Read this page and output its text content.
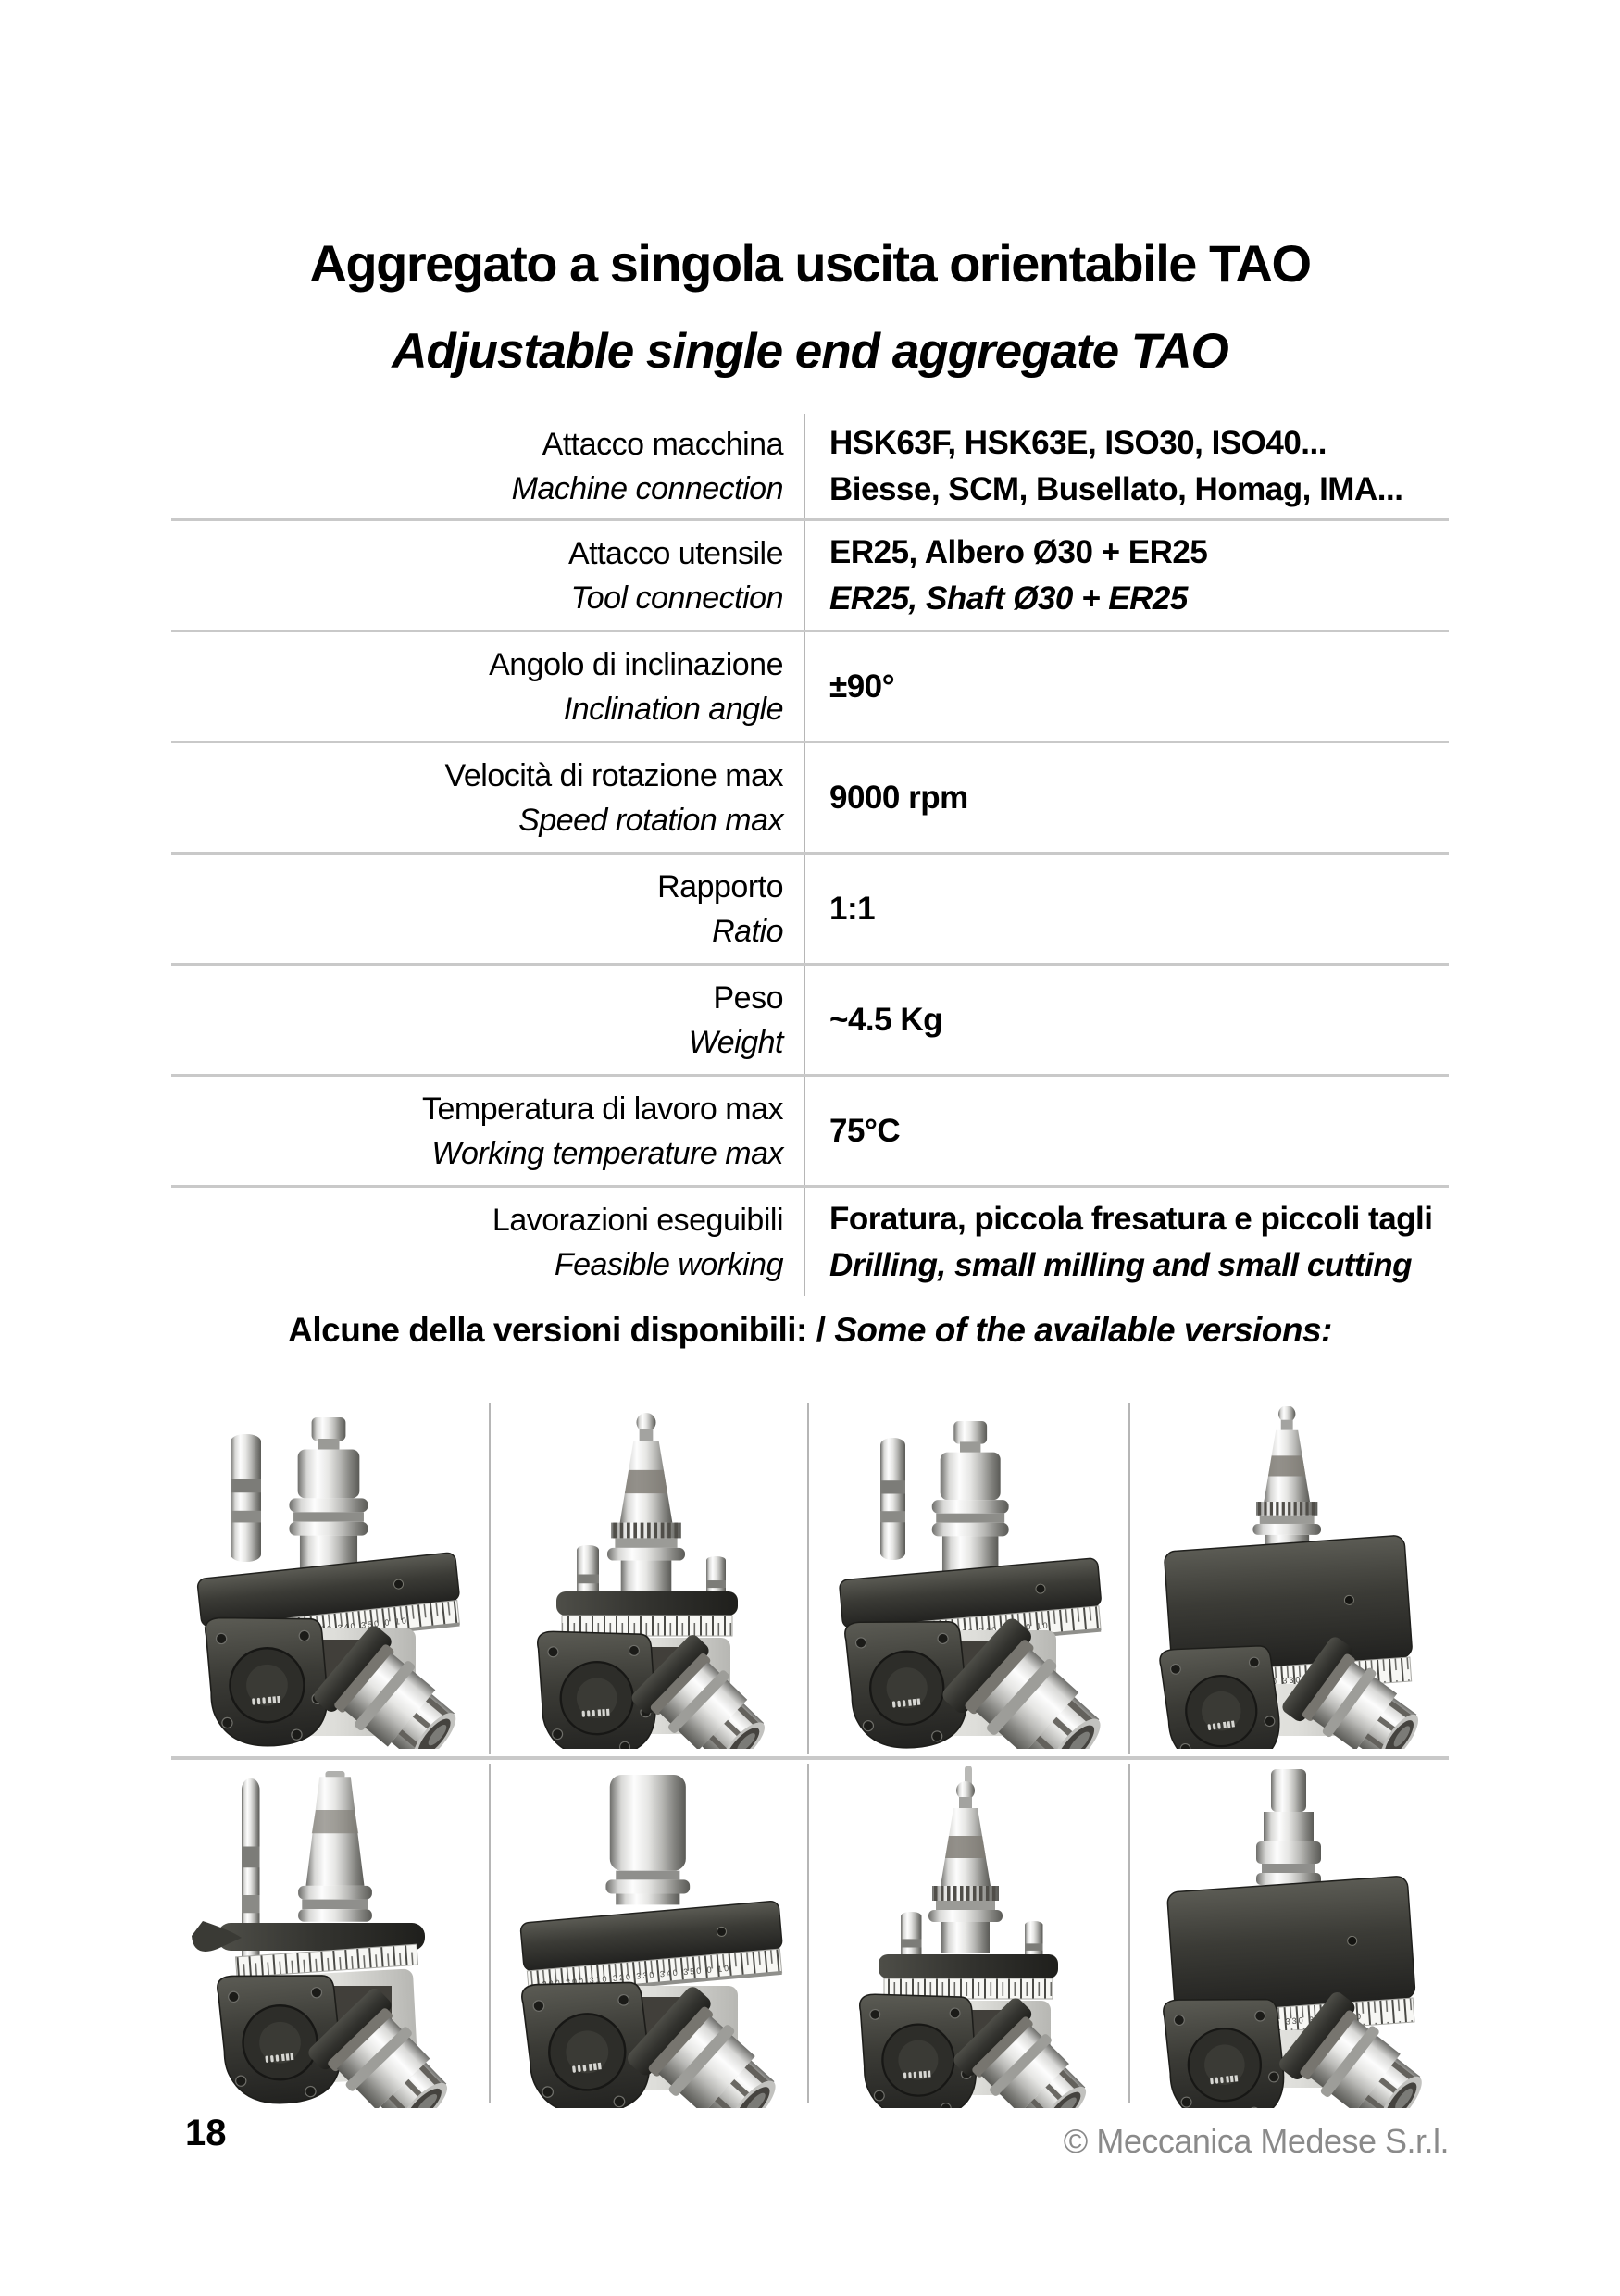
Aggregato a singola uscita orientabile TAO
Adjustable single end aggregate TAO
Attacco macchina
Machine connection
HSK63F, HSK63E, ISO30, ISO40...
Biesse, SCM, Busellato, Homag, IMA...
Attacco utensile
Tool connection
ER25, Albero Ø30 + ER25
ER25, Shaft Ø30 + ER25
Angolo di inclinazione
Inclination angle
±90°
Velocità di rotazione max
Speed rotation max
9000 rpm
Rapporto
Ratio
1:1
Peso
Weight
~4.5 Kg
Temperatura di lavoro max
Working temperature max
75°C
Lavorazioni eseguibili
Feasible working
Foratura, piccola fresatura e piccoli tagli
Drilling, small milling and small cutting
Alcune della versioni disponibili: / Some of the available versions:
18	© Meccanica Medese S.r.l.
